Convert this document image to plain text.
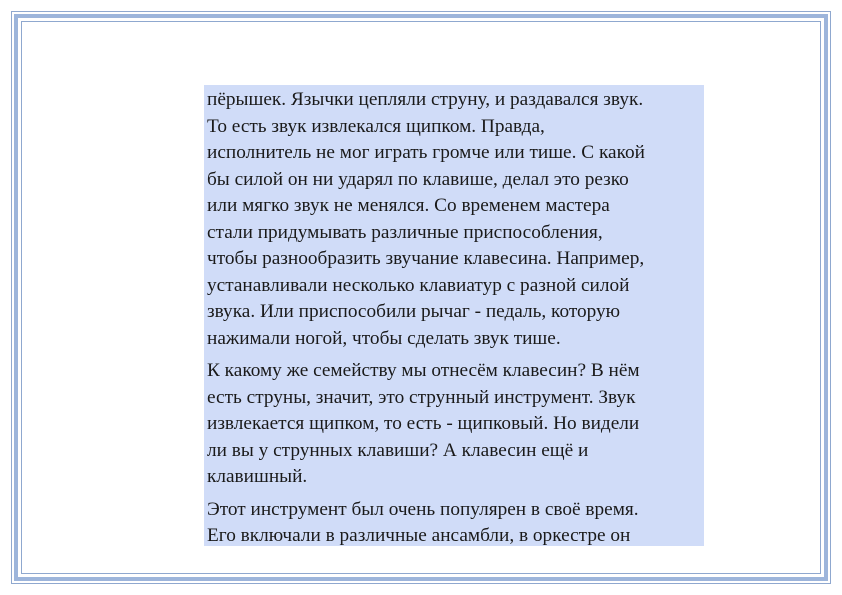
пёрышек. Язычки цепляли струну, и раздавался звук.
То есть звук извлекался щипком. Правда,
исполнитель не мог играть громче или тише. С какой
бы силой он ни ударял по клавише, делал это резко
или мягко звук не менялся. Со временем мастера
стали придумывать различные приспособления,
чтобы разнообразить звучание клавесина. Например,
устанавливали несколько клавиатур с разной силой
звука. Или приспособили рычаг - педаль, которую
нажимали ногой, чтобы сделать звук тише.

К какому же семейству мы отнесём клавесин? В нём
есть струны, значит, это струнный инструмент. Звук
извлекается щипком, то есть - щипковый. Но видели
ли вы у струнных клавиши? А клавесин ещё и
клавишный.

Этот инструмент был очень популярен в своё время.
Его включали в различные ансамбли, в оркестре он
